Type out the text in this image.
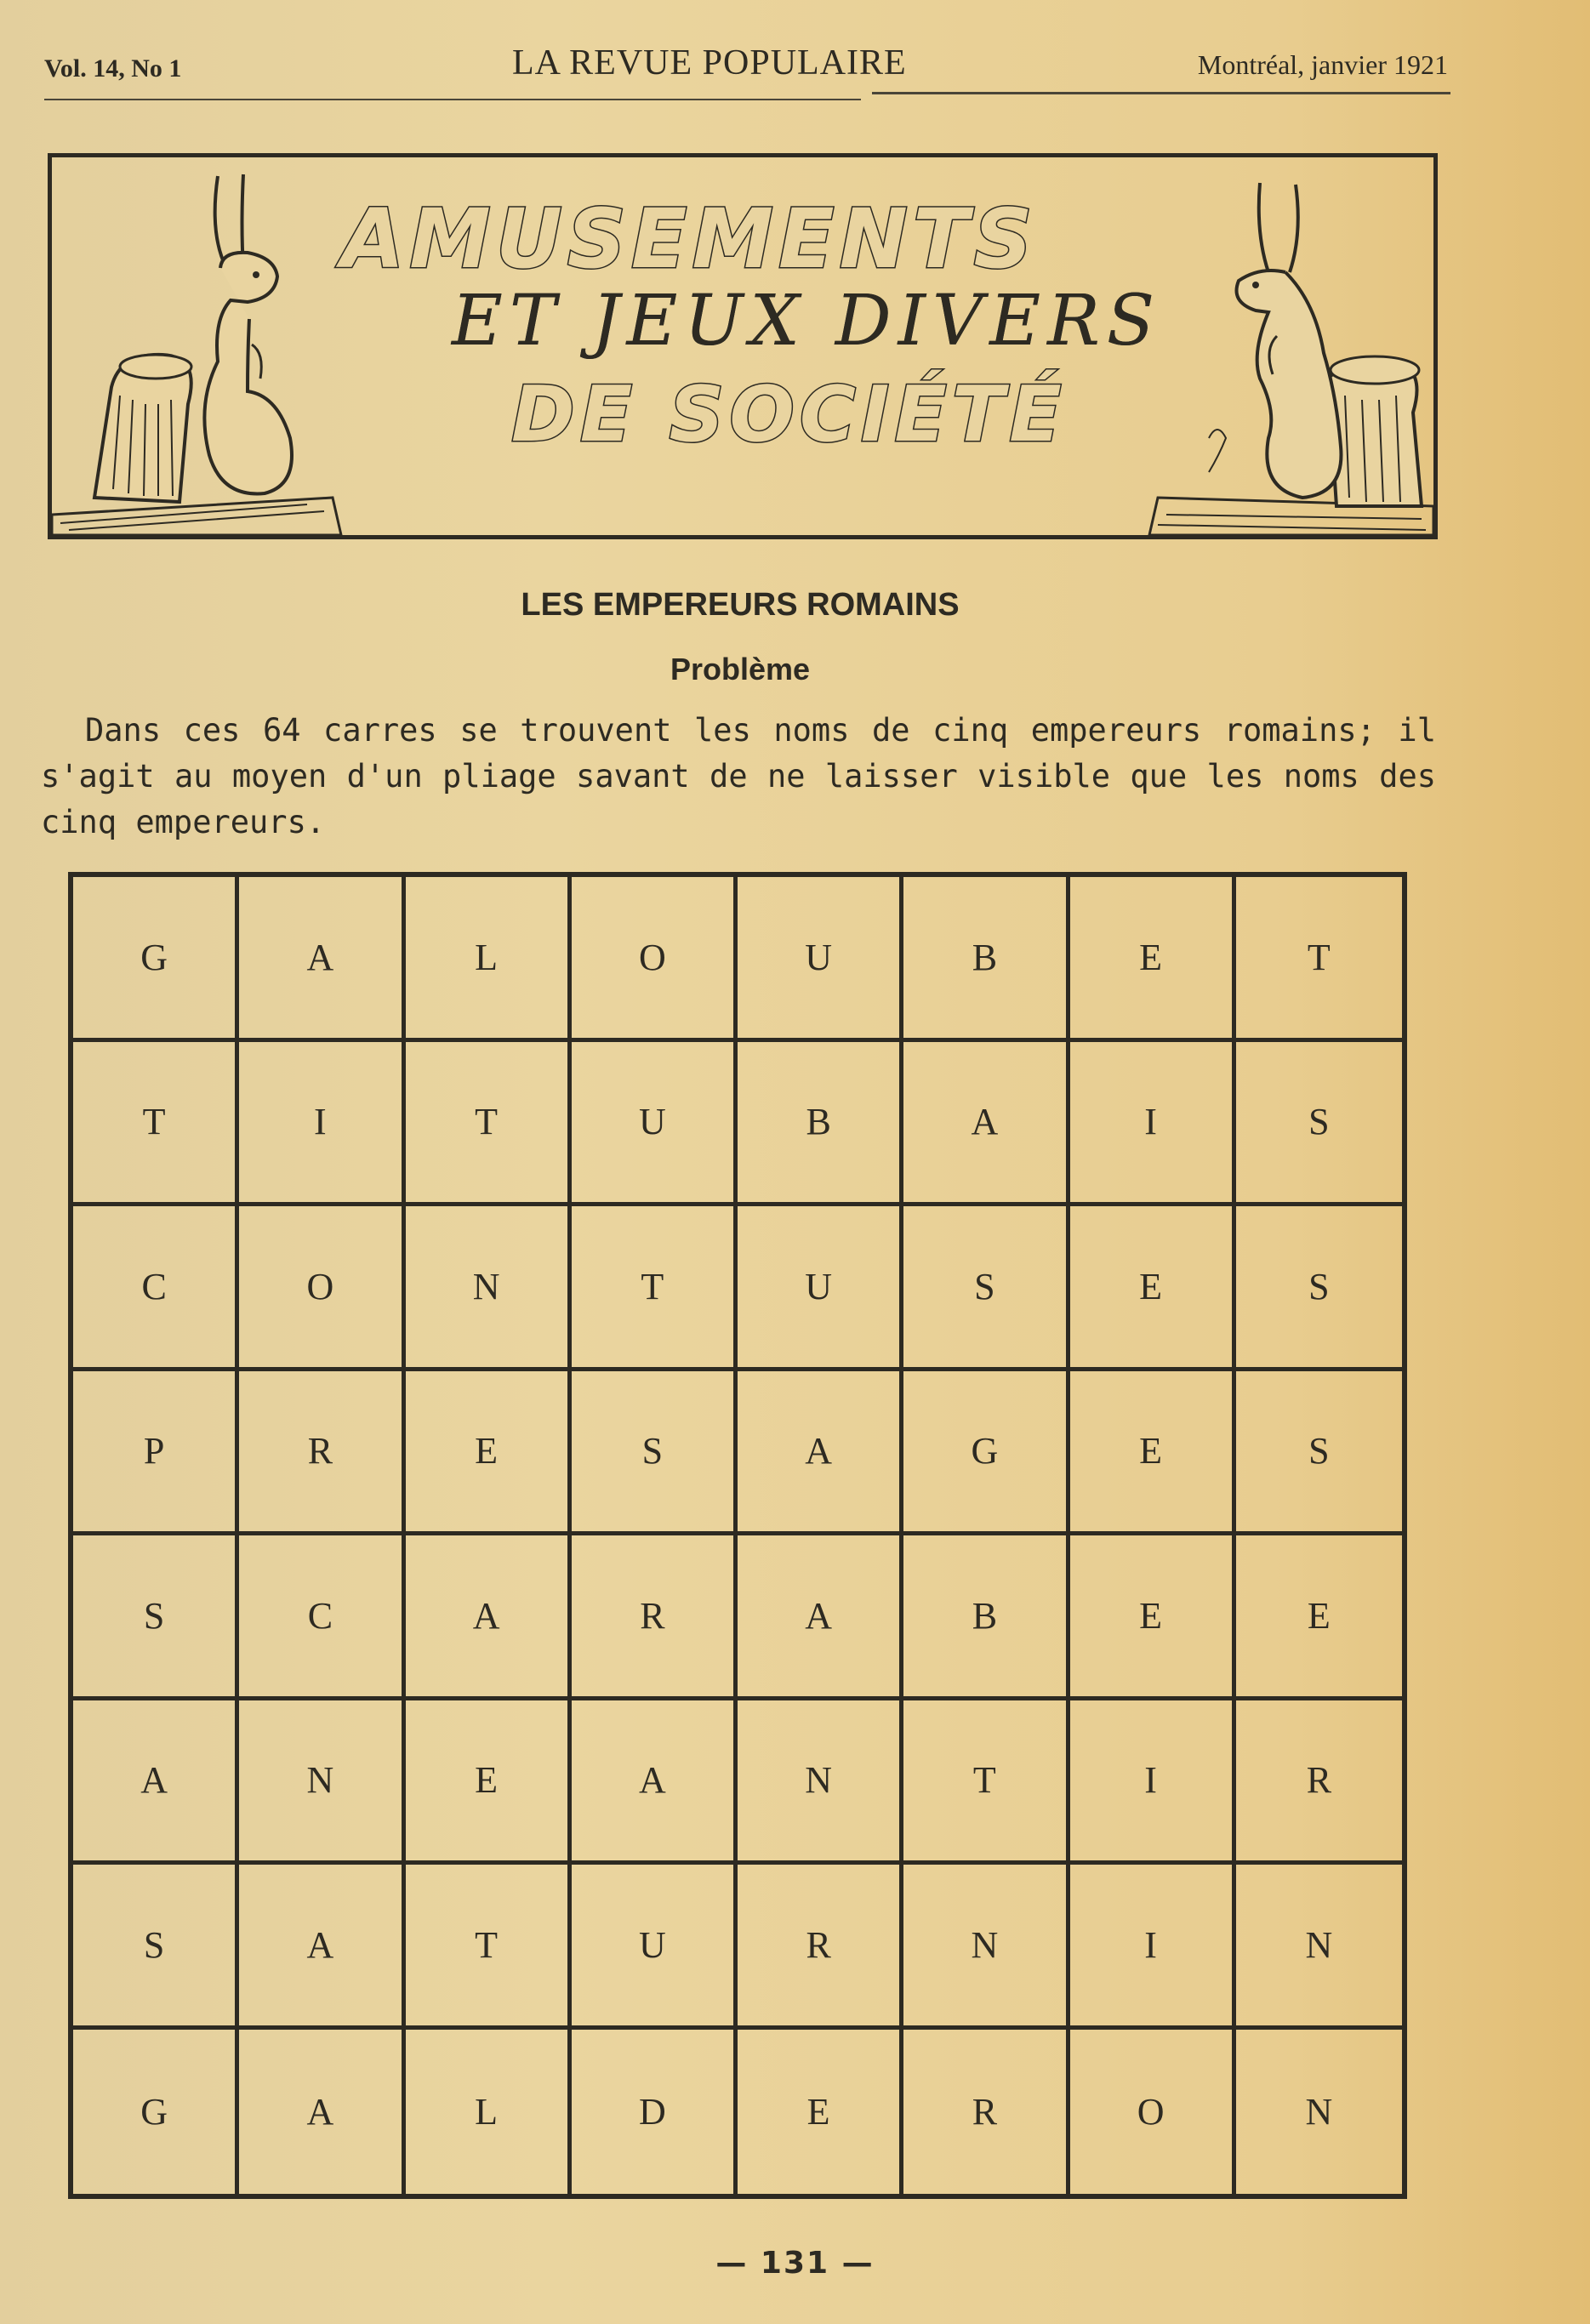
Vol. 14, No 1	LA REVUE POPULAIRE	Montréal, janvier 1921
AMUSEMENTS
ET JEUX DIVERS
DE SOCIÉTÉ
LES EMPEREURS ROMAINS
Problème
Dans ces 64 carres se trouvent les noms de cinq empereurs romains; il s'agit au moyen d'un pliage savant de ne laisser visible que les noms des cinq empereurs.
G	A	L	O	U	B	E	T
T	I	T	U	B	A	I	S
C	O	N	T	U	S	E	S
P	R	E	S	A	G	E	S
S	C	A	R	A	B	E	E
A	N	E	A	N	T	I	R
S	A	T	U	R	N	I	N
G	A	L	D	E	R	O	N
— 131 —
